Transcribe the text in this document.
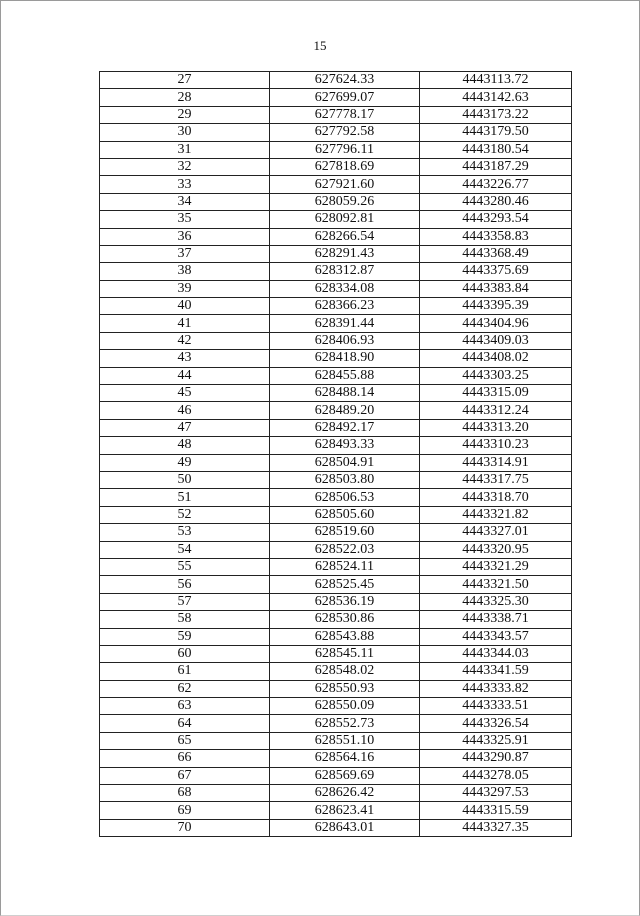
15
27	627624.33	4443113.72
28	627699.07	4443142.63
29	627778.17	4443173.22
30	627792.58	4443179.50
31	627796.11	4443180.54
32	627818.69	4443187.29
33	627921.60	4443226.77
34	628059.26	4443280.46
35	628092.81	4443293.54
36	628266.54	4443358.83
37	628291.43	4443368.49
38	628312.87	4443375.69
39	628334.08	4443383.84
40	628366.23	4443395.39
41	628391.44	4443404.96
42	628406.93	4443409.03
43	628418.90	4443408.02
44	628455.88	4443303.25
45	628488.14	4443315.09
46	628489.20	4443312.24
47	628492.17	4443313.20
48	628493.33	4443310.23
49	628504.91	4443314.91
50	628503.80	4443317.75
51	628506.53	4443318.70
52	628505.60	4443321.82
53	628519.60	4443327.01
54	628522.03	4443320.95
55	628524.11	4443321.29
56	628525.45	4443321.50
57	628536.19	4443325.30
58	628530.86	4443338.71
59	628543.88	4443343.57
60	628545.11	4443344.03
61	628548.02	4443341.59
62	628550.93	4443333.82
63	628550.09	4443333.51
64	628552.73	4443326.54
65	628551.10	4443325.91
66	628564.16	4443290.87
67	628569.69	4443278.05
68	628626.42	4443297.53
69	628623.41	4443315.59
70	628643.01	4443327.35
